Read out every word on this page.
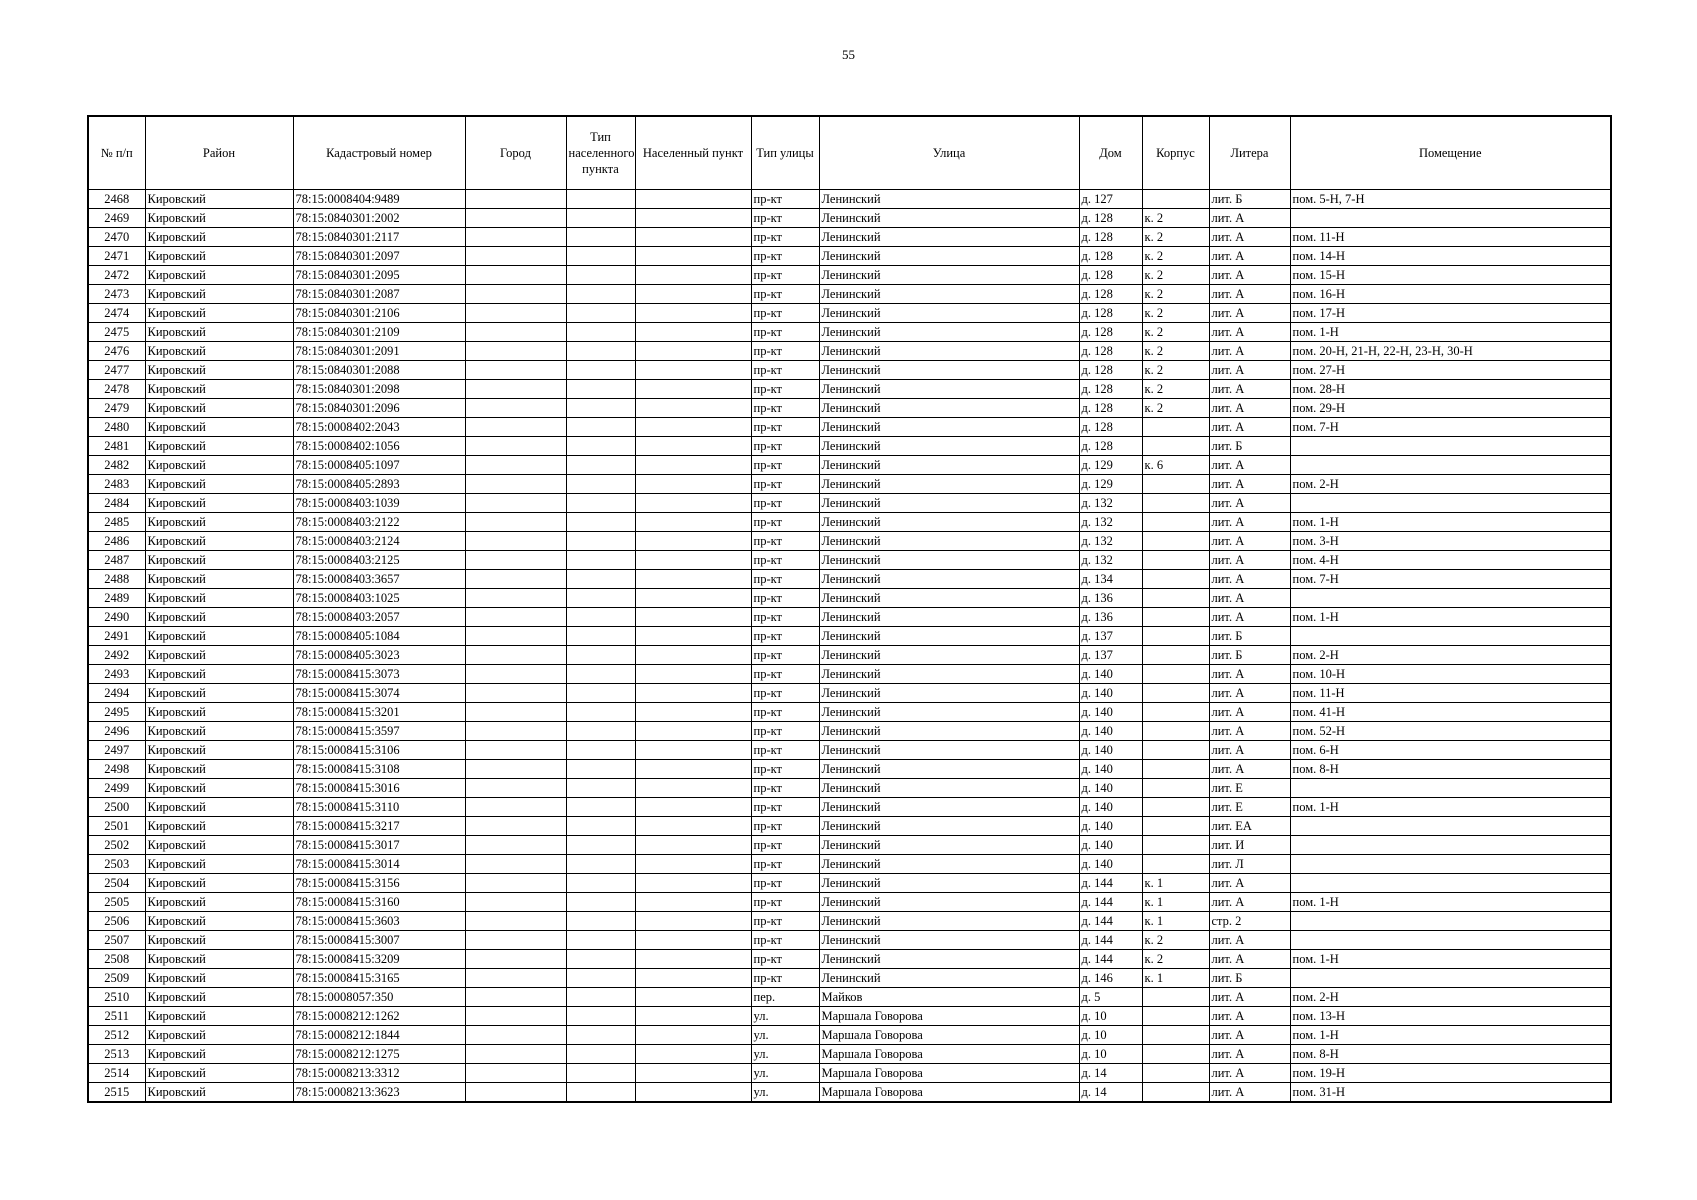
55
№ п/п	Район	Кадастровый номер	Город	Тип населенного пункта	Населенный пункт	Тип улицы	Улица	Дом	Корпус	Литера	Помещение
2468	Кировский	78:15:0008404:9489				пр-кт	Ленинский	д. 127		лит. Б	пом. 5-Н, 7-Н
2469	Кировский	78:15:0840301:2002				пр-кт	Ленинский	д. 128	к. 2	лит. А	
2470	Кировский	78:15:0840301:2117				пр-кт	Ленинский	д. 128	к. 2	лит. А	пом. 11-Н
2471	Кировский	78:15:0840301:2097				пр-кт	Ленинский	д. 128	к. 2	лит. А	пом. 14-Н
2472	Кировский	78:15:0840301:2095				пр-кт	Ленинский	д. 128	к. 2	лит. А	пом. 15-Н
2473	Кировский	78:15:0840301:2087				пр-кт	Ленинский	д. 128	к. 2	лит. А	пом. 16-Н
2474	Кировский	78:15:0840301:2106				пр-кт	Ленинский	д. 128	к. 2	лит. А	пом. 17-Н
2475	Кировский	78:15:0840301:2109				пр-кт	Ленинский	д. 128	к. 2	лит. А	пом. 1-Н
2476	Кировский	78:15:0840301:2091				пр-кт	Ленинский	д. 128	к. 2	лит. А	пом. 20-Н, 21-Н, 22-Н, 23-Н, 30-Н
2477	Кировский	78:15:0840301:2088				пр-кт	Ленинский	д. 128	к. 2	лит. А	пом. 27-Н
2478	Кировский	78:15:0840301:2098				пр-кт	Ленинский	д. 128	к. 2	лит. А	пом. 28-Н
2479	Кировский	78:15:0840301:2096				пр-кт	Ленинский	д. 128	к. 2	лит. А	пом. 29-Н
2480	Кировский	78:15:0008402:2043				пр-кт	Ленинский	д. 128		лит. А	пом. 7-Н
2481	Кировский	78:15:0008402:1056				пр-кт	Ленинский	д. 128		лит. Б	
2482	Кировский	78:15:0008405:1097				пр-кт	Ленинский	д. 129	к. 6	лит. А	
2483	Кировский	78:15:0008405:2893				пр-кт	Ленинский	д. 129		лит. А	пом. 2-Н
2484	Кировский	78:15:0008403:1039				пр-кт	Ленинский	д. 132		лит. А	
2485	Кировский	78:15:0008403:2122				пр-кт	Ленинский	д. 132		лит. А	пом. 1-Н
2486	Кировский	78:15:0008403:2124				пр-кт	Ленинский	д. 132		лит. А	пом. 3-Н
2487	Кировский	78:15:0008403:2125				пр-кт	Ленинский	д. 132		лит. А	пом. 4-Н
2488	Кировский	78:15:0008403:3657				пр-кт	Ленинский	д. 134		лит. А	пом. 7-Н
2489	Кировский	78:15:0008403:1025				пр-кт	Ленинский	д. 136		лит. А	
2490	Кировский	78:15:0008403:2057				пр-кт	Ленинский	д. 136		лит. А	пом. 1-Н
2491	Кировский	78:15:0008405:1084				пр-кт	Ленинский	д. 137		лит. Б	
2492	Кировский	78:15:0008405:3023				пр-кт	Ленинский	д. 137		лит. Б	пом. 2-Н
2493	Кировский	78:15:0008415:3073				пр-кт	Ленинский	д. 140		лит. А	пом. 10-Н
2494	Кировский	78:15:0008415:3074				пр-кт	Ленинский	д. 140		лит. А	пом. 11-Н
2495	Кировский	78:15:0008415:3201				пр-кт	Ленинский	д. 140		лит. А	пом. 41-Н
2496	Кировский	78:15:0008415:3597				пр-кт	Ленинский	д. 140		лит. А	пом. 52-Н
2497	Кировский	78:15:0008415:3106				пр-кт	Ленинский	д. 140		лит. А	пом. 6-Н
2498	Кировский	78:15:0008415:3108				пр-кт	Ленинский	д. 140		лит. А	пом. 8-Н
2499	Кировский	78:15:0008415:3016				пр-кт	Ленинский	д. 140		лит. Е	
2500	Кировский	78:15:0008415:3110				пр-кт	Ленинский	д. 140		лит. Е	пом. 1-Н
2501	Кировский	78:15:0008415:3217				пр-кт	Ленинский	д. 140		лит. ЕА	
2502	Кировский	78:15:0008415:3017				пр-кт	Ленинский	д. 140		лит. И	
2503	Кировский	78:15:0008415:3014				пр-кт	Ленинский	д. 140		лит. Л	
2504	Кировский	78:15:0008415:3156				пр-кт	Ленинский	д. 144	к. 1	лит. А	
2505	Кировский	78:15:0008415:3160				пр-кт	Ленинский	д. 144	к. 1	лит. А	пом. 1-Н
2506	Кировский	78:15:0008415:3603				пр-кт	Ленинский	д. 144	к. 1	стр. 2	
2507	Кировский	78:15:0008415:3007				пр-кт	Ленинский	д. 144	к. 2	лит. А	
2508	Кировский	78:15:0008415:3209				пр-кт	Ленинский	д. 144	к. 2	лит. А	пом. 1-Н
2509	Кировский	78:15:0008415:3165				пр-кт	Ленинский	д. 146	к. 1	лит. Б	
2510	Кировский	78:15:0008057:350				пер.	Майков	д. 5		лит. А	пом. 2-Н
2511	Кировский	78:15:0008212:1262				ул.	Маршала Говорова	д. 10		лит. А	пом. 13-Н
2512	Кировский	78:15:0008212:1844				ул.	Маршала Говорова	д. 10		лит. А	пом. 1-Н
2513	Кировский	78:15:0008212:1275				ул.	Маршала Говорова	д. 10		лит. А	пом. 8-Н
2514	Кировский	78:15:0008213:3312				ул.	Маршала Говорова	д. 14		лит. А	пом. 19-Н
2515	Кировский	78:15:0008213:3623				ул.	Маршала Говорова	д. 14		лит. А	пом. 31-Н
